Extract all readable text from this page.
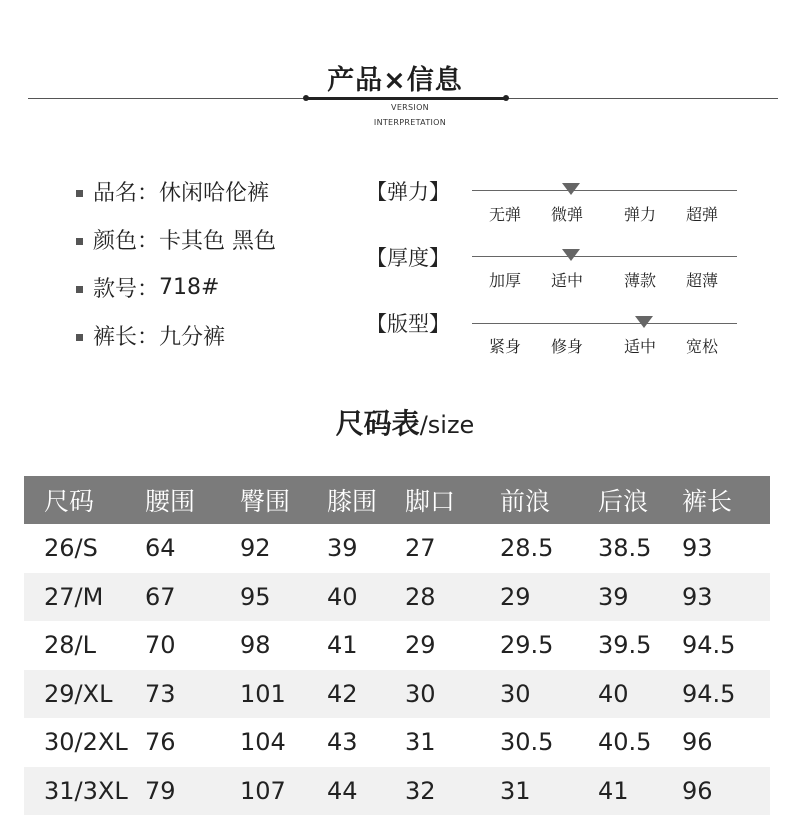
产品×信息
VERSION
INTERPRETATION
品名： 休闲哈伦裤
颜色： 卡其色 黑色
款号： 718#
裤长： 九分裤
【弹力】
无弹 微弹	弹力 超弹
【厚度】
加厚 适中	薄款 超薄
【版型】
紧身 修身	适中 宽松
尺码表/size
尺码	腰围	臀围	膝围	脚口	前浪	后浪	裤长
26/S	64	92	39	27	28.5	38.5	93
27/M	67	95	40	28	29	39	93
28/L	70	98	41	29	29.5	39.5	94.5
29/XL	73	101	42	30	30	40	94.5
30/2XL 76	104	43	31	30.5	40.5	96
31/3XL 79	107	44	32	31	41	96
